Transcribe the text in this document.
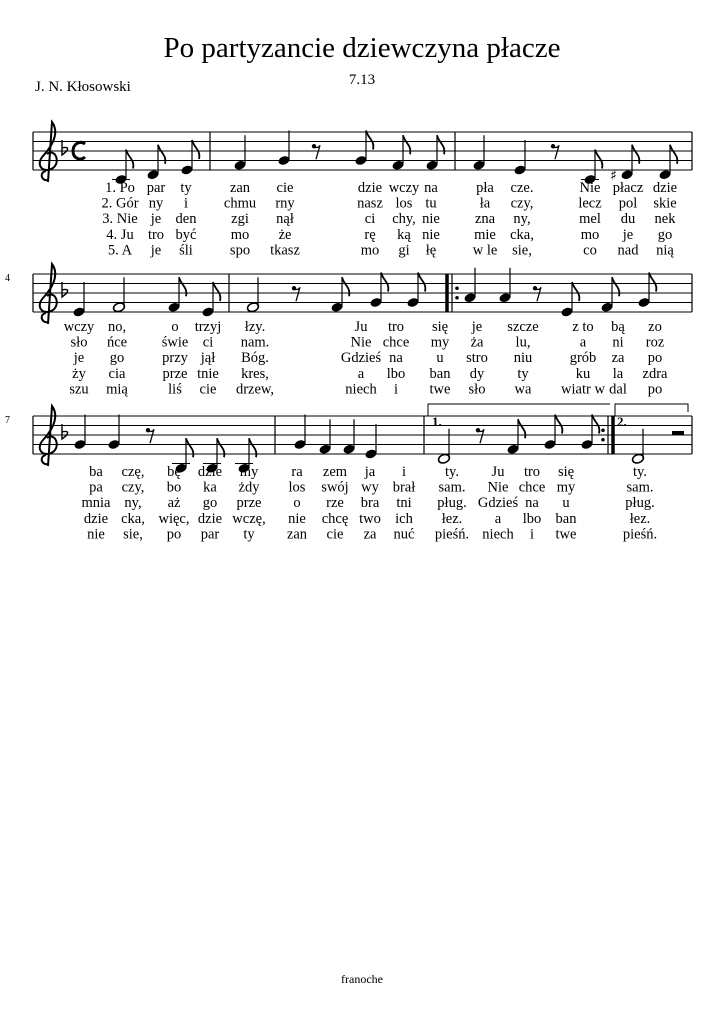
Po partyzancie dziewczyna płacze
7.13
J. N. Kłosowski
♯
4
7	1.	2.
1. Po par ty	zan cie	dzie wczy na	pła cze.	Nie płacz dzie
2. Gór ny i chmu rny	nasz los tu	ła czy,	lecz pol skie
3. Nie je den zgi nął	ci chy, nie zna ny,	mel du nek
4. Ju tro być mo że	rę ką nie mie cka,	mo je go
5. A je śli	spo tkasz	mo gi łę	w le sie,	co nad nią
wczy no,	o trzyj łzy.	Ju tro się je szcze z to bą zo
sło ńce świe ci nam.	Nie chce my ża lu,	a ni roz
je go	przy jął Bóg.	Gdzieś na u stro niu	grób za po
ży cia	prze tnie kres,	a lbo ban dy ty	ku la zdra
szu mią	liś cie drzew,	niech i twe sło wa wiatr w dal po
ba czę, bę dzie my ra zem ja i	ty. Ju tro się	ty.
pa czy, bo ka żdy los swój wy brał sam. Nie chce my	sam.
mnia ny, aż go prze o rze bra tni pług. Gdzieś na u	pług.
dzie cka, więc, dzie wczę, nie chcę two ich łez. a lbo ban	łez.
nie sie, po par ty zan cie za nuć pieśń. niech i twe	pieśń.
franoche
